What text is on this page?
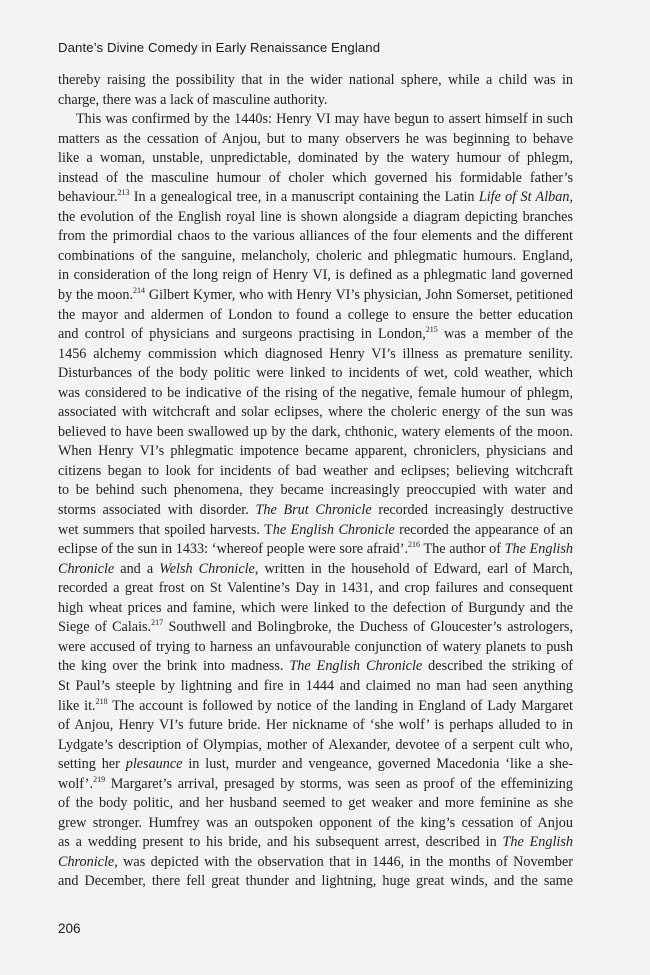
Dante’s Divine Comedy in Early Renaissance England
thereby raising the possibility that in the wider national sphere, while a child was in
charge, there was a lack of masculine authority.
This was confirmed by the 1440s: Henry VI may have begun to assert himself in such
matters as the cessation of Anjou, but to many observers he was beginning to behave
like a woman, unstable, unpredictable, dominated by the watery humour of phlegm,
instead of the masculine humour of choler which governed his formidable father’s
behaviour.$^{213}$ In a genealogical tree, in a manuscript containing the Latin Life of St Alban,
the evolution of the English royal line is shown alongside a diagram depicting branches
from the primordial chaos to the various alliances of the four elements and the different
combinations of the sanguine, melancholy, choleric and phlegmatic humours. England,
in consideration of the long reign of Henry VI, is defined as a phlegmatic land governed
by the moon.$^{214}$ Gilbert Kymer, who with Henry VI’s physician, John Somerset, petitioned
the mayor and aldermen of London to found a college to ensure the better education
and control of physicians and surgeons practising in London,$^{215}$ was a member of the
1456 alchemy commission which diagnosed Henry VI’s illness as premature senility.
Disturbances of the body politic were linked to incidents of wet, cold weather, which
was considered to be indicative of the rising of the negative, female humour of phlegm,
associated with witchcraft and solar eclipses, where the choleric energy of the sun was
believed to have been swallowed up by the dark, chthonic, watery elements of the moon.
When Henry VI’s phlegmatic impotence became apparent, chroniclers, physicians and
citizens began to look for incidents of bad weather and eclipses; believing witchcraft
to be behind such phenomena, they became increasingly preoccupied with water and
storms associated with disorder. The Brut Chronicle recorded increasingly destructive
wet summers that spoiled harvests. The English Chronicle recorded the appearance of an
eclipse of the sun in 1433: ‘whereof people were sore afraid’.$^{216}$ The author of The English
Chronicle and a Welsh Chronicle, written in the household of Edward, earl of March,
recorded a great frost on St Valentine’s Day in 1431, and crop failures and consequent
high wheat prices and famine, which were linked to the defection of Burgundy and the
Siege of Calais.$^{217}$ Southwell and Bolingbroke, the Duchess of Gloucester’s astrologers,
were accused of trying to harness an unfavourable conjunction of watery planets to push
the king over the brink into madness. The English Chronicle described the striking of
St Paul’s steeple by lightning and fire in 1444 and claimed no man had seen anything
like it.$^{218}$ The account is followed by notice of the landing in England of Lady Margaret
of Anjou, Henry VI’s future bride. Her nickname of ‘she wolf’ is perhaps alluded to in
Lydgate’s description of Olympias, mother of Alexander, devotee of a serpent cult who,
setting her plesaunce in lust, murder and vengeance, governed Macedonia ‘like a she-
wolf’.$^{219}$ Margaret’s arrival, presaged by storms, was seen as proof of the effeminizing
of the body politic, and her husband seemed to get weaker and more feminine as she
grew stronger. Humfrey was an outspoken opponent of the king’s cessation of Anjou
as a wedding present to his bride, and his subsequent arrest, described in The English
Chronicle, was depicted with the observation that in 1446, in the months of November
and December, there fell great thunder and lightning, huge great winds, and the same
206
